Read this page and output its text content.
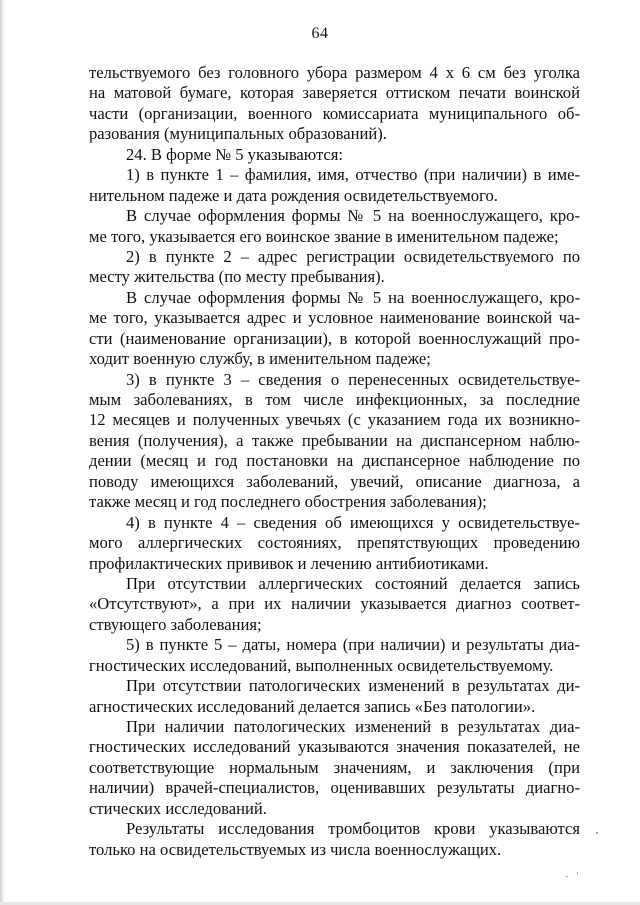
64
тельствуемого без головного убора размером 4 х 6 см без уголка
на матовой бумаге, которая заверяется оттиском печати воинской
части (организации, военного комиссариата муниципального об-
разования (муниципальных образований).
24. В форме № 5 указываются:
1) в пункте 1 – фамилия, имя, отчество (при наличии) в име-
нительном падеже и дата рождения освидетельствуемого.
В случае оформления формы № 5 на военнослужащего, кро-
ме того, указывается его воинское звание в именительном падеже;
2) в пункте 2 – адрес регистрации освидетельствуемого по
месту жительства (по месту пребывания).
В случае оформления формы № 5 на военнослужащего, кро-
ме того, указывается адрес и условное наименование воинской ча-
сти (наименование организации), в которой военнослужащий про-
ходит военную службу, в именительном падеже;
3) в пункте 3 – сведения о перенесенных освидетельствуе-
мым заболеваниях, в том числе инфекционных, за последние
12 месяцев и полученных увечьях (с указанием года их возникно-
вения (получения), а также пребывании на диспансерном наблю-
дении (месяц и год постановки на диспансерное наблюдение по
поводу имеющихся заболеваний, увечий, описание диагноза, а
также месяц и год последнего обострения заболевания);
4) в пункте 4 – сведения об имеющихся у освидетельствуе-
мого аллергических состояниях, препятствующих проведению
профилактических прививок и лечению антибиотиками.
При отсутствии аллергических состояний делается запись
«Отсутствуют», а при их наличии указывается диагноз соответ-
ствующего заболевания;
5) в пункте 5 – даты, номера (при наличии) и результаты диа-
гностических исследований, выполненных освидетельствуемому.
При отсутствии патологических изменений в результатах ди-
агностических исследований делается запись «Без патологии».
При наличии патологических изменений в результатах диа-
гностических исследований указываются значения показателей, не
соответствующие нормальным значениям, и заключения (при
наличии) врачей-специалистов, оценивавших результаты диагно-
стических исследований.
Результаты исследования тромбоцитов крови указываются
только на освидетельствуемых из числа военнослужащих.
